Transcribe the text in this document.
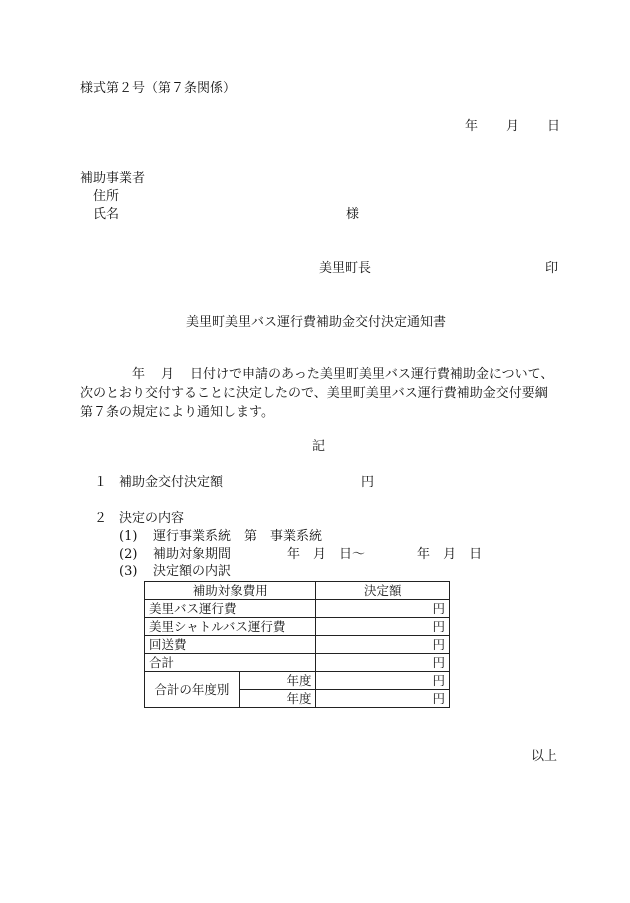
様式第２号（第７条関係）
年 月 日
補助事業者
住所
氏名	様
美里町長	印
美里町美里バス運行費補助金交付決定通知書
年 月 日付けで申請のあった美里町美里バス運行費補助金について、次のとおり交付することに決定したので、美里町美里バス運行費補助金交付要綱第７条の規定により通知します。
記
１ 補助金交付決定額	円
２ 決定の内容
(1) 運行事業系統 第 事業系統
(2) 補助対象期間	年 月 日～	年 月 日
(3) 決定額の内訳
補助対象費用		決定額
美里バス運行費		円
美里シャトルバス運行費		円
回送費		円
合計		円
合計の年度別	年度	円
	年度	円
以上
